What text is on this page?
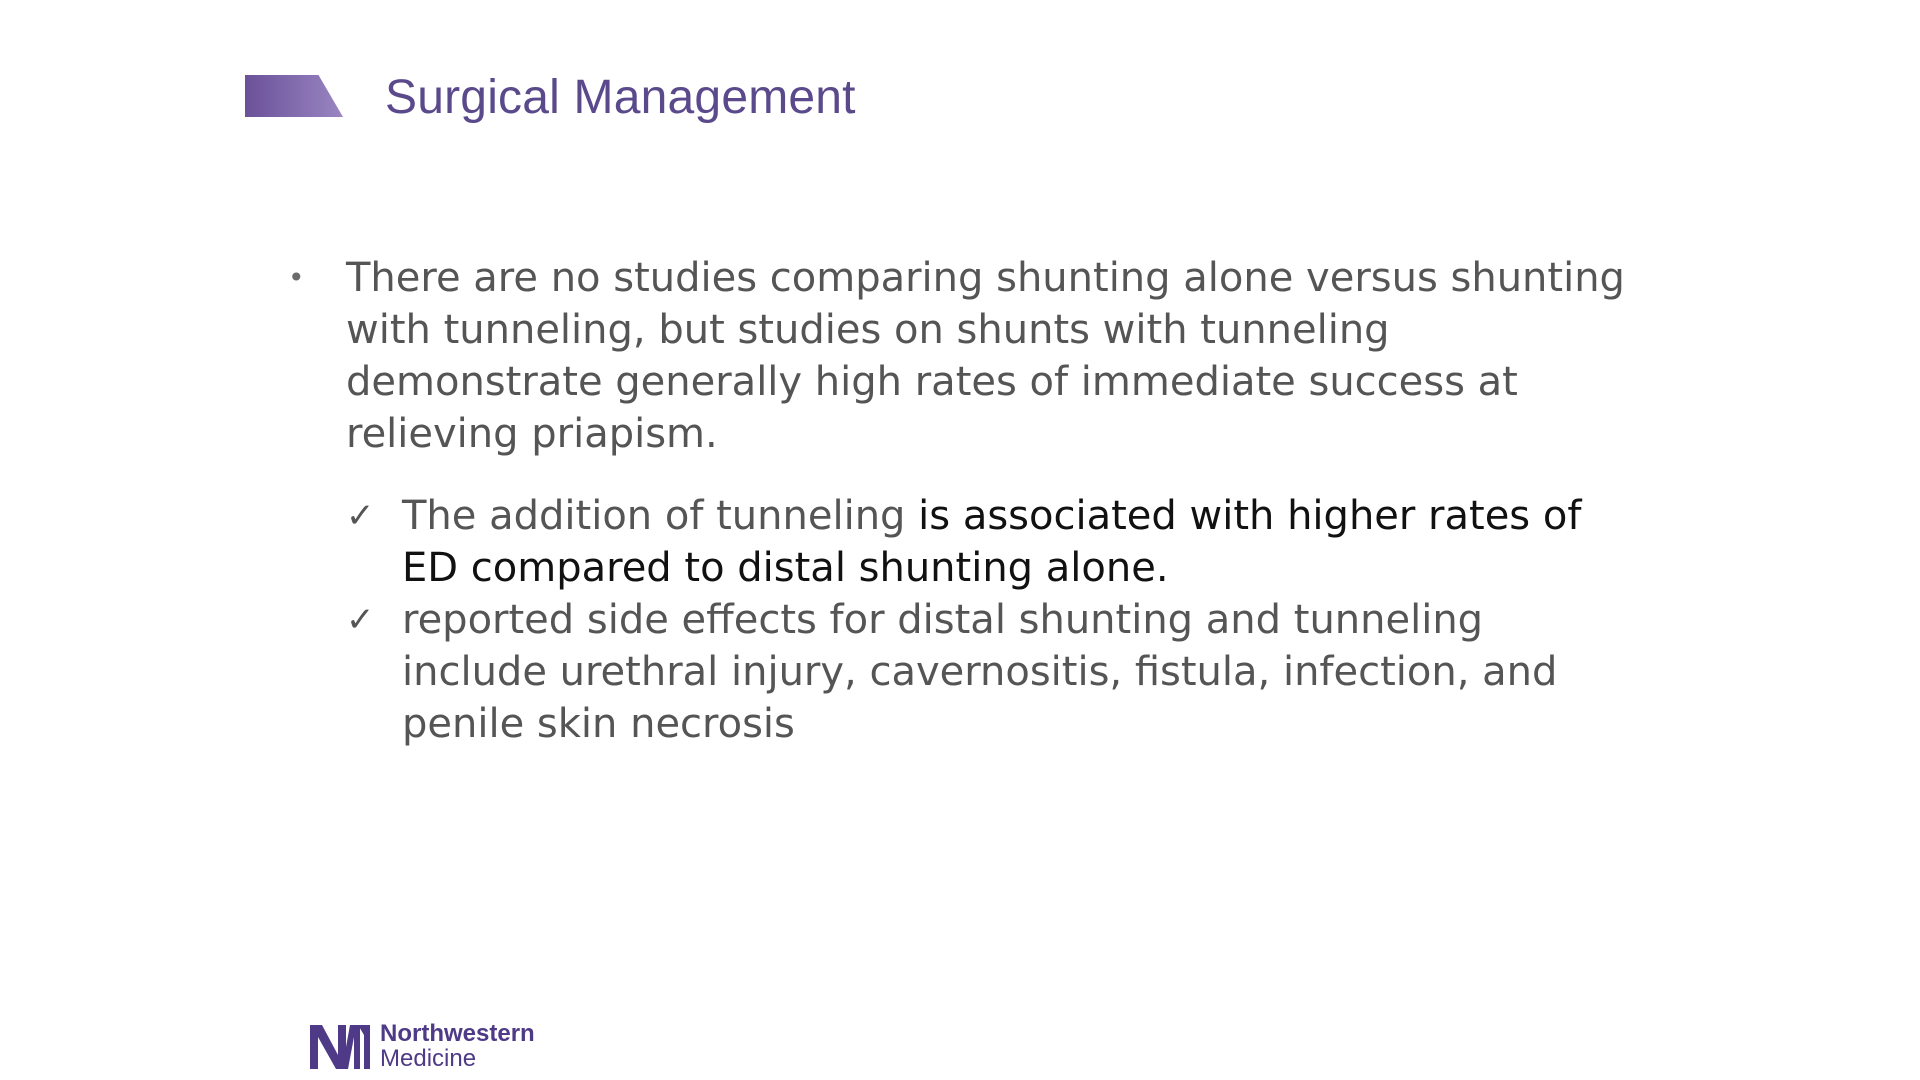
Surgical Management
•	There are no studies comparing shunting alone versus shunting with tunneling, but studies on shunts with tunneling demonstrate generally high rates of immediate success at relieving priapism.
✓ The addition of tunneling is associated with higher rates of ED compared to distal shunting alone.
✓ reported side effects for distal shunting and tunneling include urethral injury, cavernositis, fistula, infection, and penile skin necrosis
Northwestern
Medicine
